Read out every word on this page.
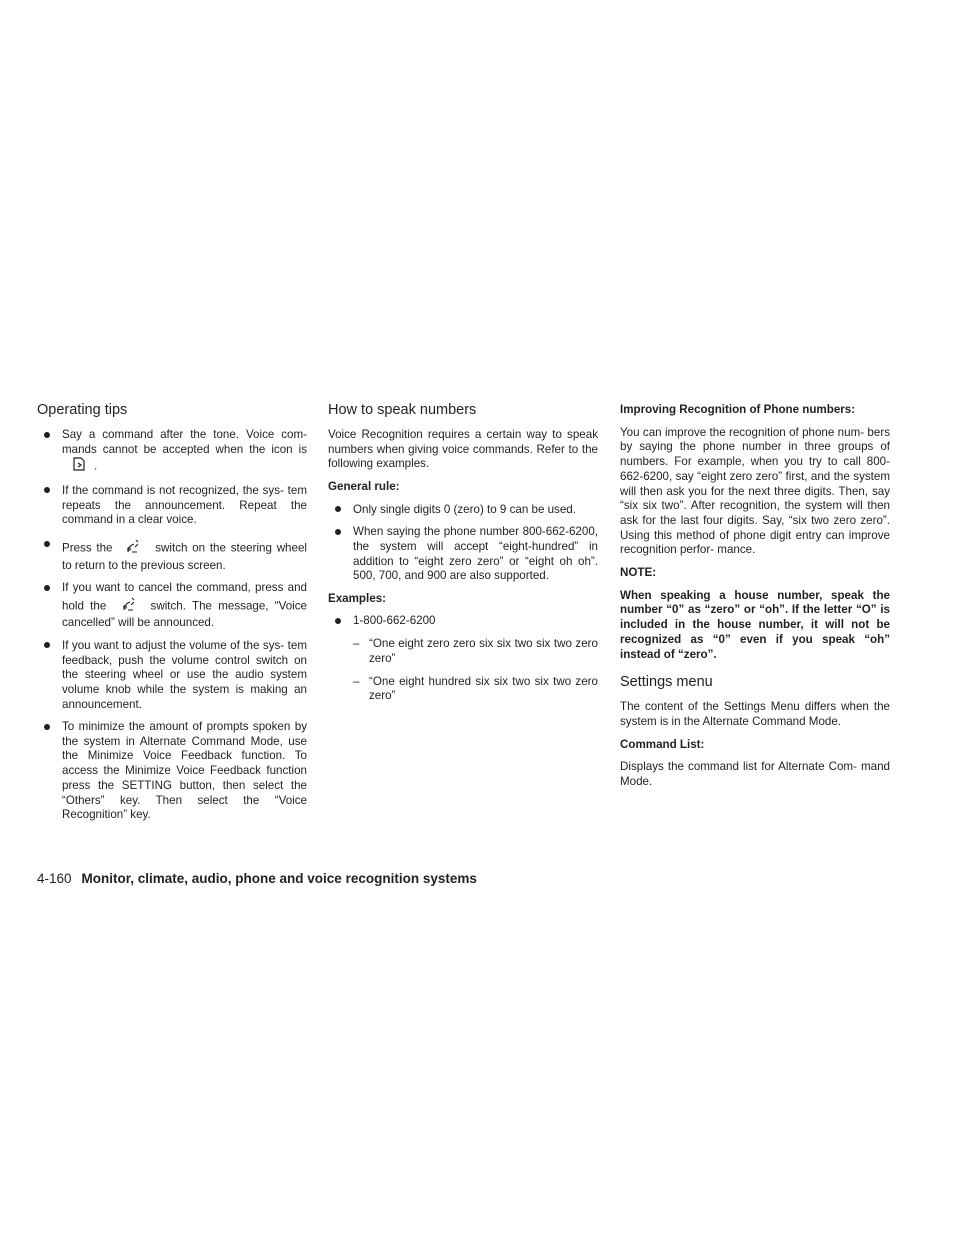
Operating tips
Say a command after the tone. Voice com- mands cannot be accepted when the icon is .
If the command is not recognized, the sys- tem repeats the announcement. Repeat the command in a clear voice.
Press the	switch on the steering wheel to return to the previous screen.
If you want to cancel the command, press and hold the	switch. The message, “Voice cancelled” will be announced.
If you want to adjust the volume of the sys- tem feedback, push the volume control switch on the steering wheel or use the audio system volume knob while the system is making an announcement.
To minimize the amount of prompts spoken by the system in Alternate Command Mode, use the Minimize Voice Feedback function. To access the Minimize Voice Feedback function press the SETTING button, then select the “Others” key. Then select the “Voice Recognition” key.
How to speak numbers

Voice Recognition requires a certain way to speak numbers when giving voice commands. Refer to the following examples.

General rule:

Only single digits 0 (zero) to 9 can be used.
When saying the phone number 800-662-6200, the system will accept “eight-hundred” in addition to “eight zero zero” or “eight oh oh”. 500, 700, and 900 are also supported.

Examples:

1-800-662-6200
– “One eight zero zero six six two six two zero zero”
– “One eight hundred six six two six two zero zero”

Improving Recognition of Phone numbers:

You can improve the recognition of phone num- bers by saying the phone number in three groups of numbers. For example, when you try to call 800-662-6200, say “eight zero zero” first, and the system will then ask you for the next three digits. Then, say “six six two”. After recognition, the system will then ask for the last four digits. Say, “six two zero zero”. Using this method of phone digit entry can improve recognition perfor- mance.

NOTE:

When speaking a house number, speak the number “0” as “zero” or “oh”. If the letter “O” is included in the house number, it will not be recognized as “0” even if you speak “oh” instead of “zero”.

Settings menu

The content of the Settings Menu differs when the system is in the Alternate Command Mode.

Command List:

Displays the command list for Alternate Com- mand Mode.

4-160 Monitor, climate, audio, phone and voice recognition systems
